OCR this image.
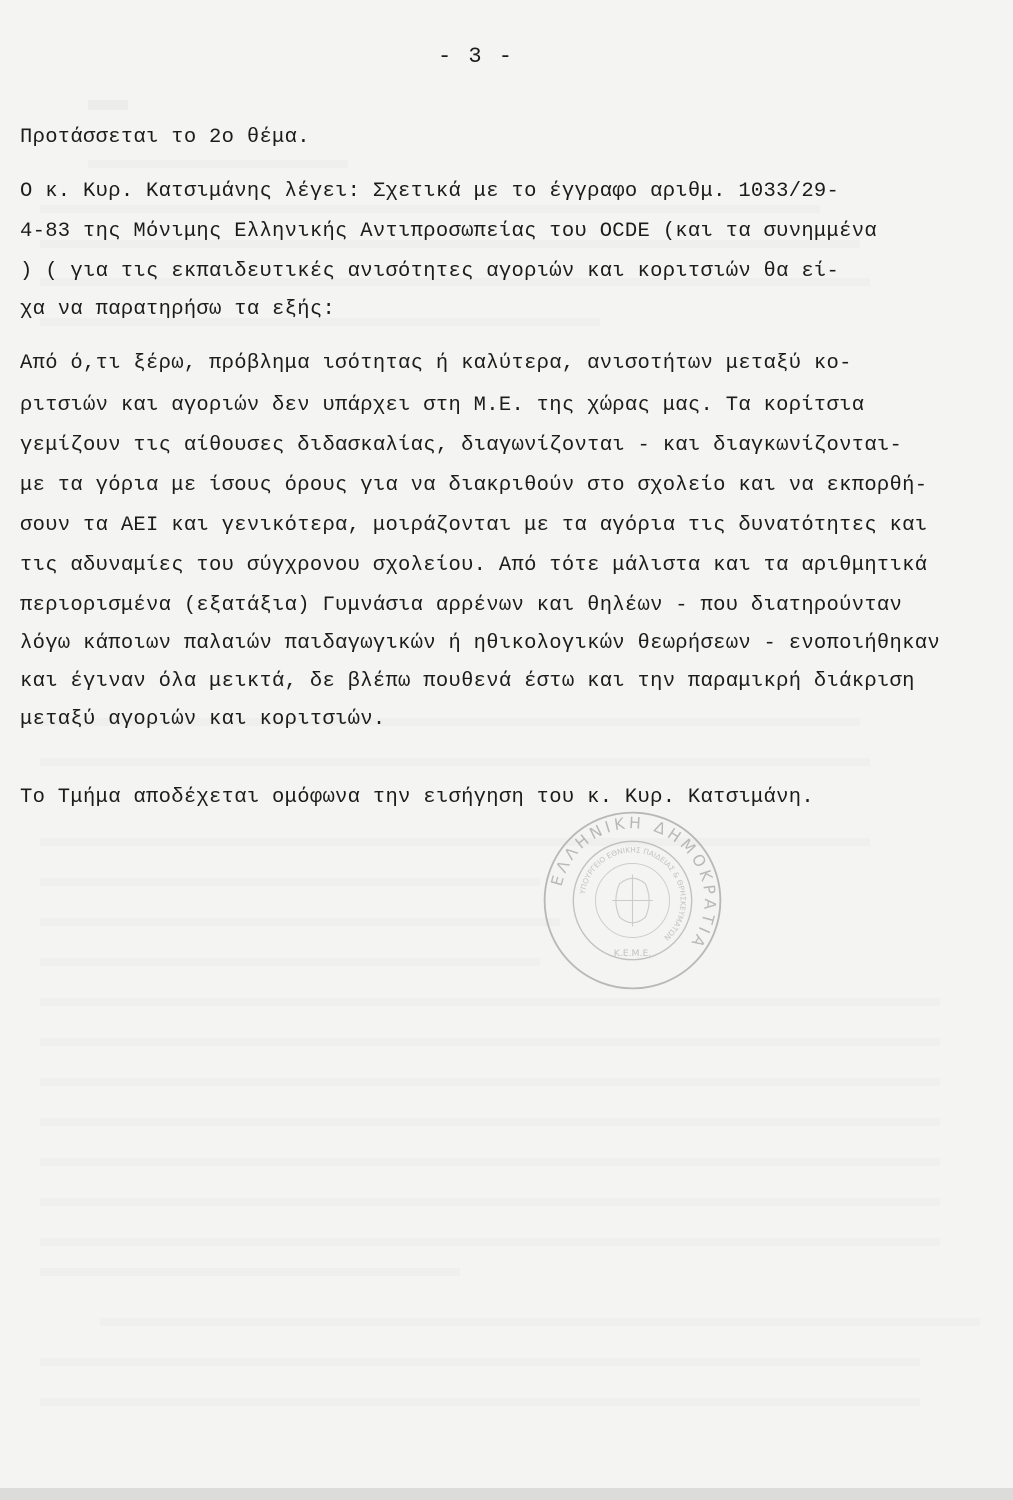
- 3 -
Προτάσσεται το 2ο θέμα.
Ο κ. Κυρ. Κατσιμάνης λέγει: Σχετικά με το έγγραφο αριθμ. 1033/29-
4-83 της Μόνιμης Ελληνικής Αντιπροσωπείας του OCDE (και τα συνημμένα
) ( για τις εκπαιδευτικές ανισότητες αγοριών και κοριτσιών θα εί-
χα να παρατηρήσω τα εξής:
Από ό,τι ξέρω, πρόβλημα ισότητας ή καλύτερα, ανισοτήτων μεταξύ κο-
ριτσιών και αγοριών δεν υπάρχει στη Μ.Ε. της χώρας μας. Τα κορίτσια
γεμίζουν τις αίθουσες διδασκαλίας, διαγωνίζονται - και διαγκωνίζονται-
με τα γόρια με ίσους όρους για να διακριθούν στο σχολείο και να εκπορθή-
σουν τα ΑΕΙ και γενικότερα, μοιράζονται με τα αγόρια τις δυνατότητες και
τις αδυναμίες του σύγχρονου σχολείου. Από τότε μάλιστα και τα αριθμητικά
περιορισμένα (εξατάξια) Γυμνάσια αρρένων και θηλέων - που διατηρούνταν
λόγω κάποιων παλαιών παιδαγωγικών ή ηθικολογικών θεωρήσεων - ενοποιήθηκαν
και έγιναν όλα μεικτά, δε βλέπω πουθενά έστω και την παραμικρή διάκριση
μεταξύ αγοριών και κοριτσιών.
Το Τμήμα αποδέχεται ομόφωνα την εισήγηση του κ. Κυρ. Κατσιμάνη.
ΕΛΛΗΝΙΚΗ ΔΗΜΟΚΡΑΤΙΑ
ΥΠΟΥΡΓΕΙΟ ΕΘΝΙΚΗΣ ΠΑΙΔΕΙΑΣ & ΘΡΗΣΚΕΥΜΑΤΩΝ
Κ.Ε.Μ.Ε.
